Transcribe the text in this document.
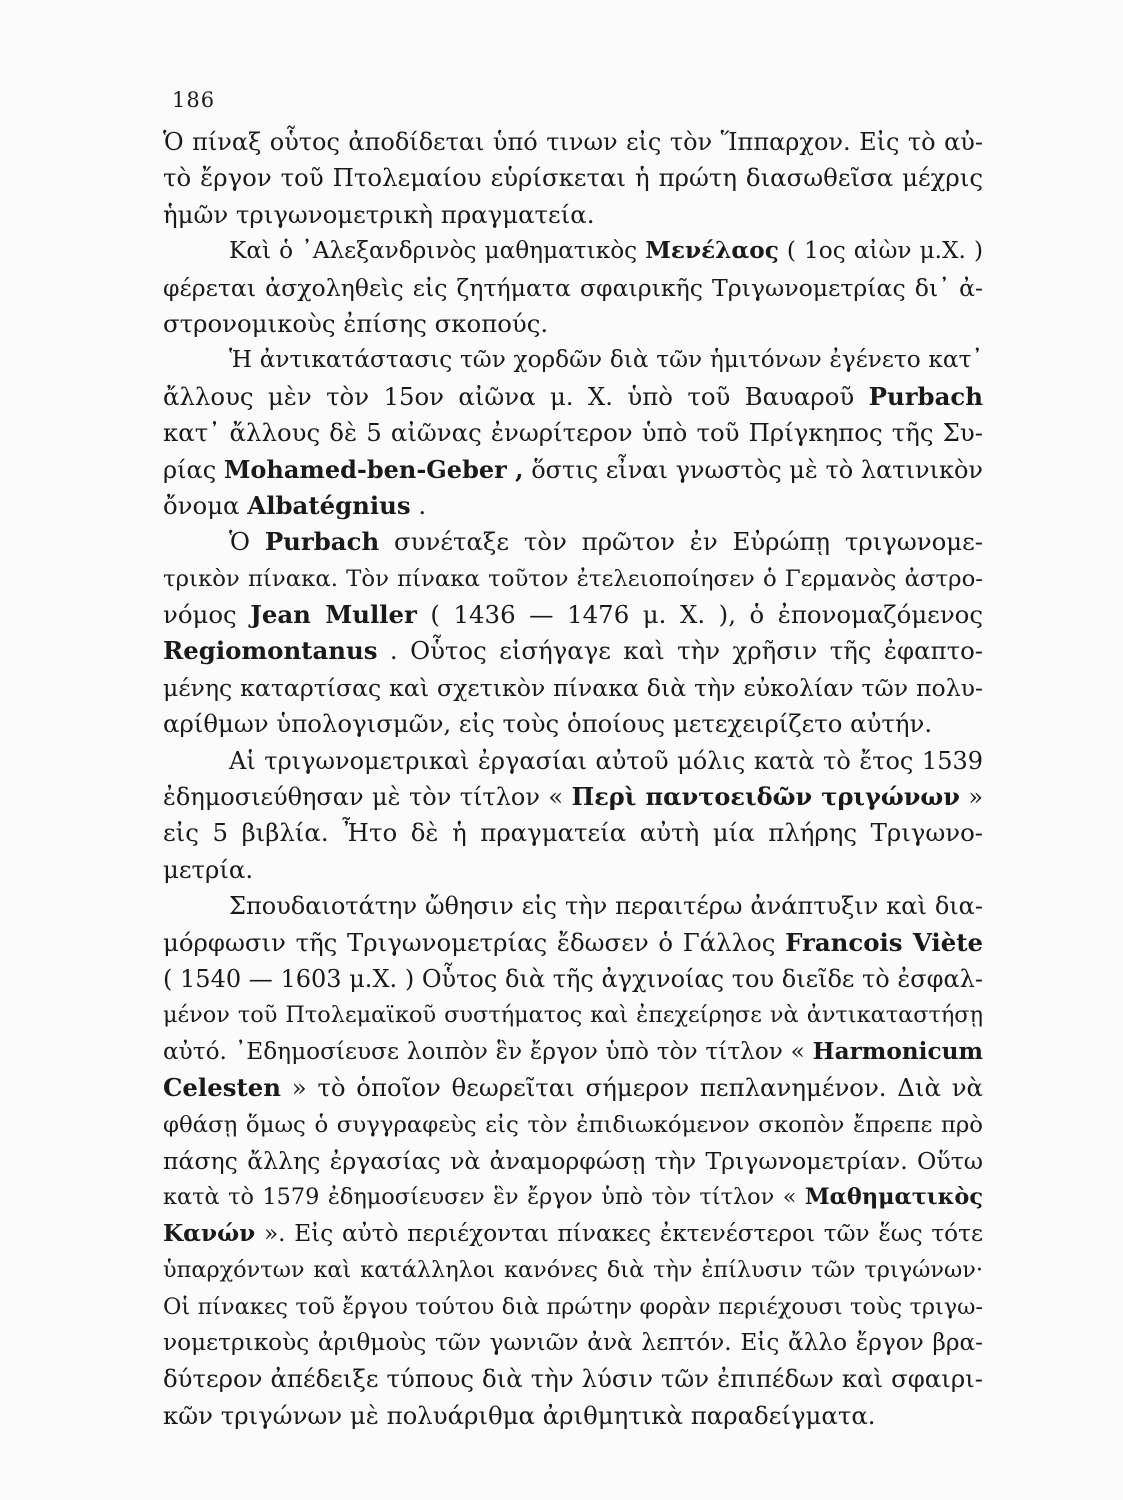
186
Ὁ πίναξ οὗτος ἀποδίδεται ὑπό τινων εἰς τὸν Ἵππαρχον. Εἰς τὸ αὐ-
τὸ ἔργον τοῦ Πτολεμαίου εὑρίσκεται ἡ πρώτη διασωθεῖσα μέχρις
ἡμῶν τριγωνομετρικὴ πραγματεία.
Καὶ ὁ ᾽Αλεξανδρινὸς μαθηματικὸς Μενέλαος ( 1ος αἰὼν μ.Χ. )
φέρεται ἀσχοληθεὶς εἰς ζητήματα σφαιρικῆς Τριγωνομετρίας δι᾽ ἀ-
στρονομικοὺς ἐπίσης σκοπούς.
Ἡ ἀντικατάστασις τῶν χορδῶν διὰ τῶν ἡμιτόνων ἐγένετο κατ᾽
ἄλλους μὲν τὸν 15ον αἰῶνα μ. Χ. ὑπὸ τοῦ Βαυαροῦ Purbach
κατ᾽ ἄλλους δὲ 5 αἰῶνας ἐνωρίτερον ὑπὸ τοῦ Πρίγκηπος τῆς Συ-
ρίας Mohamed-ben-Geber , ὅστις εἶναι γνωστὸς μὲ τὸ λατινικὸν
ὄνομα Albatégnius .
Ὁ Purbach συνέταξε τὸν πρῶτον ἐν Εὐρώπῃ τριγωνομε-
τρικὸν πίνακα. Τὸν πίνακα τοῦτον ἐτελειοποίησεν ὁ Γερμανὸς ἀστρο-
νόμος Jean Muller ( 1436 — 1476 μ. Χ. ), ὁ ἐπονομαζόμενος
Regiomontanus . Οὗτος εἰσήγαγε καὶ τὴν χρῆσιν τῆς ἐφαπτο-
μένης καταρτίσας καὶ σχετικὸν πίνακα διὰ τὴν εὐκολίαν τῶν πολυ-
αρίθμων ὑπολογισμῶν, εἰς τοὺς ὁποίους μετεχειρίζετο αὐτήν.
Αἱ τριγωνομετρικαὶ ἐργασίαι αὐτοῦ μόλις κατὰ τὸ ἔτος 1539
ἐδημοσιεύθησαν μὲ τὸν τίτλον « Περὶ παντοειδῶν τριγώνων »
εἰς 5 βιβλία. Ἦτο δὲ ἡ πραγματεία αὐτὴ μία πλήρης Τριγωνο-
μετρία.
Σπουδαιοτάτην ὤθησιν εἰς τὴν περαιτέρω ἀνάπτυξιν καὶ δια-
μόρφωσιν τῆς Τριγωνομετρίας ἔδωσεν ὁ Γάλλος Francois Viète
( 1540 — 1603 μ.Χ. ) Οὗτος διὰ τῆς ἀγχινοίας του διεῖδε τὸ ἐσφαλ-
μένον τοῦ Πτολεμαϊκοῦ συστήματος καὶ ἐπεχείρησε νὰ ἀντικαταστήσῃ
αὐτό. ᾽Εδημοσίευσε λοιπὸν ἓν ἔργον ὑπὸ τὸν τίτλον « Harmonicum
Celesten » τὸ ὁποῖον θεωρεῖται σήμερον πεπλανημένον. Διὰ νὰ
φθάσῃ ὅμως ὁ συγγραφεὺς εἰς τὸν ἐπιδιωκόμενον σκοπὸν ἔπρεπε πρὸ
πάσης ἄλλης ἐργασίας νὰ ἀναμορφώσῃ τὴν Τριγωνομετρίαν. Οὕτω
κατὰ τὸ 1579 ἐδημοσίευσεν ἓν ἔργον ὑπὸ τὸν τίτλον « Μαθηματικὸς
Κανών ». Εἰς αὐτὸ περιέχονται πίνακες ἐκτενέστεροι τῶν ἕως τότε
ὑπαρχόντων καὶ κατάλληλοι κανόνες διὰ τὴν ἐπίλυσιν τῶν τριγώνων·
Οἱ πίνακες τοῦ ἔργου τούτου διὰ πρώτην φορὰν περιέχουσι τοὺς τριγω-
νομετρικοὺς ἀριθμοὺς τῶν γωνιῶν ἀνὰ λεπτόν. Εἰς ἄλλο ἔργον βρα-
δύτερον ἀπέδειξε τύπους διὰ τὴν λύσιν τῶν ἐπιπέδων καὶ σφαιρι-
κῶν τριγώνων μὲ πολυάριθμα ἀριθμητικὰ παραδείγματα.
